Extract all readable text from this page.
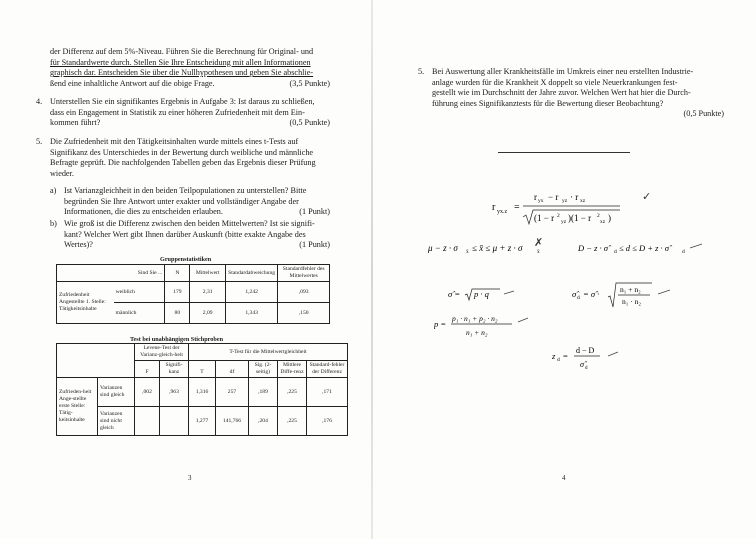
der Differenz auf dem 5%-Niveau. Führen Sie die Berechnung für Original- und
für Standardwerte durch. Stellen Sie Ihre Entscheidung mit allen Informationen
graphisch dar. Entscheiden Sie über die Nullhypothesen und geben Sie abschlie-
ßend eine inhaltliche Antwort auf die obige Frage.	(3,5 Punkte)
4. Unterstellen Sie ein signifikantes Ergebnis in Aufgabe 3: Ist daraus zu schließen,
dass ein Engagement in Statistik zu einer höheren Zufriedenheit mit dem Ein-
kommen führt?	(0,5 Punkte)
5. Die Zufriedenheit mit den Tätigkeitsinhalten wurde mittels eines t-Tests auf
Signifikanz des Unterschiedes in der Bewertung durch weibliche und männliche
Befragte geprüft. Die nachfolgenden Tabellen geben das Ergebnis dieser Prüfung
wieder.
a) Ist Varianzgleichheit in den beiden Teilpopulationen zu unterstellen? Bitte
begründen Sie Ihre Antwort unter exakter und vollständiger Angabe der
Informationen, die dies zu entscheiden erlauben.	(1 Punkt)
b) Wie groß ist die Differenz zwischen den beiden Mittelwerten? Ist sie signifi-
kant? Welcher Wert gibt Ihnen darüber Auskunft (bitte exakte Angabe des
Wertes)?	(1 Punkt)
Gruppenstatistiken
	Sind Sie ...	N	Mittelwert	Standardabweichung	Standardfehler des Mittelwertes
Zufriedenheit Angestellte 1. Stelle: Tätigkeitsinhalte	weiblich	179	2,31	1,242	,093
	männlich	80	2,09	1,343	,150
Test bei unabhängigen Stichproben
		Levene-Test der Varianz-gleich-heit		T-Test für die Mittelwertgleichheit				
		F	Signifi-kanz	T	df	Sig. (2-seitig)	Mittlere Diffe-renz	Standard-fehler der Differenz
Zufrieden-heit Ange-stellte erste Stelle: Tätig-keitsinhalte	Varianzen sind gleich	,002	,963	1,316	257	,189	,225	,171
	Varianzen sind nicht gleich			1,277	141,766	,204	,225	,176
3
5. Bei Auswertung aller Krankheitsfälle im Umkreis einer neu erstellten Industrie-
anlage wurden für die Krankheit X doppelt so viele Neuerkrankungen fest-
gestellt wie im Durchschnitt der Jahre zuvor. Welchen Wert hat hier die Durch-
führung eines Signifikanztests für die Bewertung dieser Beobachtung?
(0,5 Punkte)
r yx.z =
r yx − r yz · r xz
(1 − r 2
yz )(1 − r 2
xz )
✓
μ − z · σ x̄ ≤ x̄ ≤ μ + z · σ	x̄
✗	D − z · σ̂	d ≤ d ≤ D + z · σ̂	d
σ̂ = p · q	σ̂ d = σ̂ ·	n₁ + n₂
n₁ · n₂
p =
p₁ · n₁ + p₂ · n₂
n₁ + n₂
z d =
d − D
σ̂ d
4
